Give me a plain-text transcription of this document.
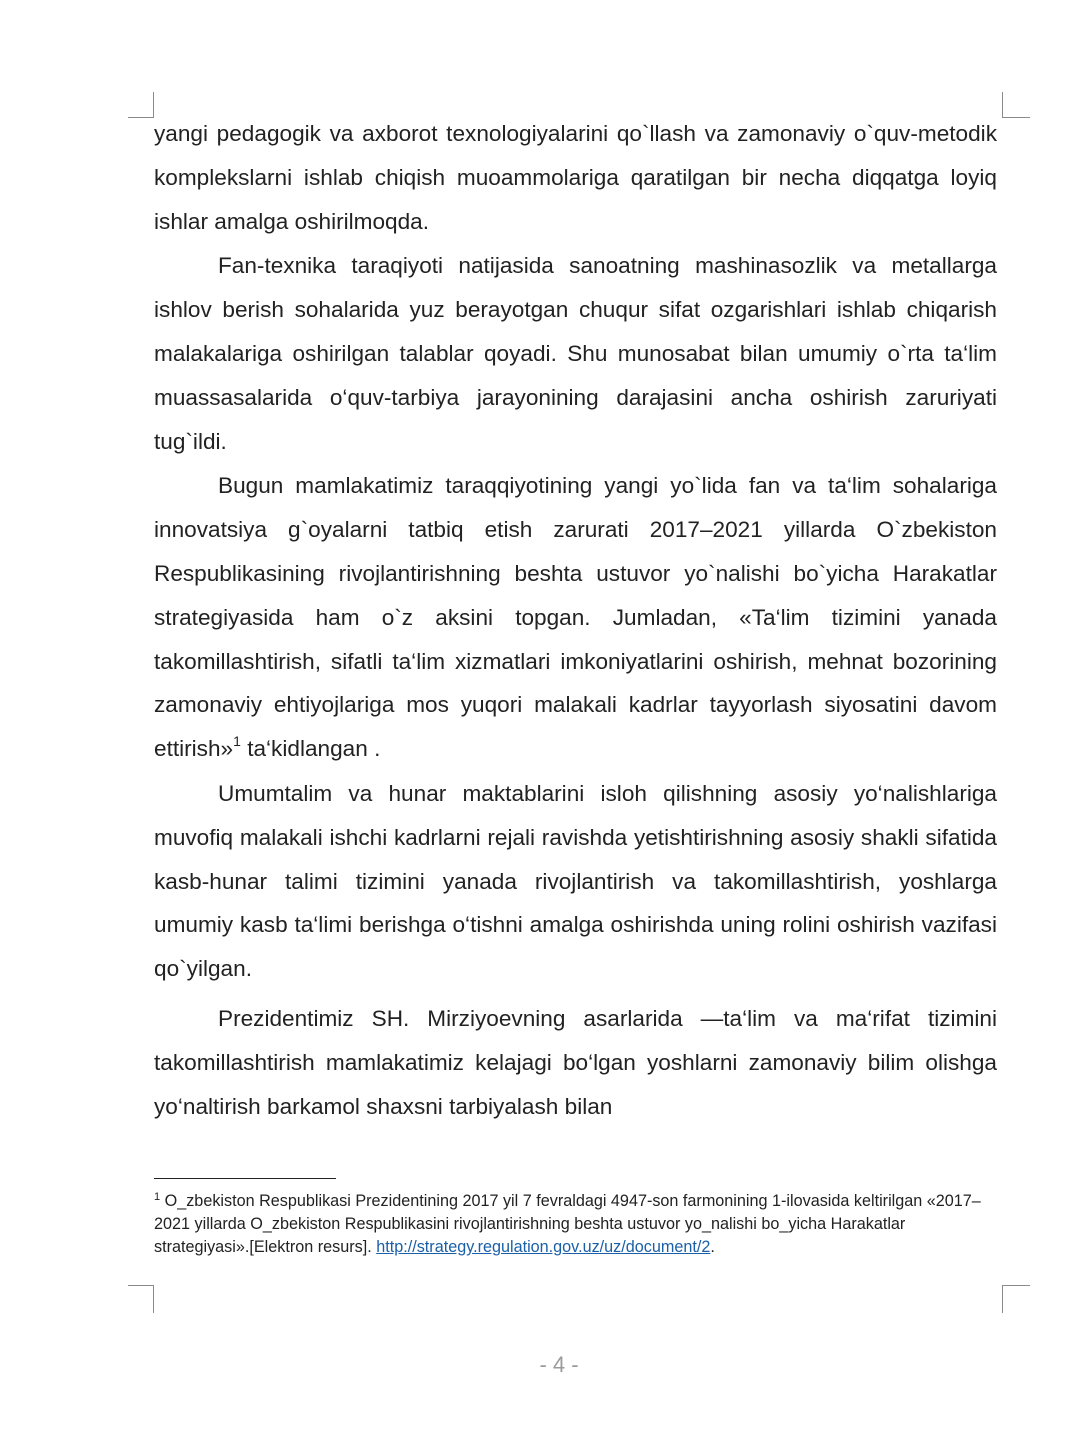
yangi pedagogik va axborot texnologiyalarini qo`llash va zamonaviy o`quv-metodik komplekslarni ishlab chiqish muoammolariga qaratilgan bir necha diqqatga loyiq ishlar amalga oshirilmoqda.

Fan-texnika taraqiyoti natijasida sanoatning mashinasozlik va metallarga ishlov berish sohalarida yuz berayotgan chuqur sifat ozgarishlari ishlab chiqarish malakalariga oshirilgan talablar qoyadi. Shu munosabat bilan umumiy o`rta ta‘lim muassasalarida o‘quv-tarbiya jarayonining darajasini ancha oshirish zaruriyati tug`ildi.

Bugun mamlakatimiz taraqqiyotining yangi yo`lida fan va ta‘lim sohalariga innovatsiya g`oyalarni tatbiq etish zarurati 2017–2021 yillarda O`zbekiston Respublikasining rivojlantirishning beshta ustuvor yo`nalishi bo`yicha Harakatlar strategiyasida ham o`z aksini topgan. Jumladan, «Ta‘lim tizimini yanada takomillashtirish, sifatli ta‘lim xizmatlari imkoniyatlarini oshirish, mehnat bozorining zamonaviy ehtiyojlariga mos yuqori malakali kadrlar tayyorlash siyosatini davom ettirish»$^1$ ta‘kidlangan .

Umumtalim va hunar maktablarini isloh qilishning asosiy yo‘nalishlariga muvofiq malakali ishchi kadrlarni rejali ravishda yetishtirishning asosiy shakli sifatida kasb-hunar talimi tizimini yanada rivojlantirish va takomillashtirish, yoshlarga umumiy kasb ta‘limi berishga o‘tishni amalga oshirishda uning rolini oshirish vazifasi qo`yilgan.

Prezidentimiz SH. Mirziyoevning asarlarida —ta‘lim va ma‘rifat tizimini takomillashtirish mamlakatimiz kelajagi bo‘lgan yoshlarni zamonaviy bilim olishga yo‘naltirish barkamol shaxsni tarbiyalash bilan

$^1$ O_zbekiston Respublikasi Prezidentining 2017 yil 7 fevraldagi 4947-son farmonining 1-ilovasida keltirilgan «2017– 2021 yillarda O_zbekiston Respublikasini rivojlantirishning beshta ustuvor yo_nalishi bo_yicha Harakatlar strategiyasi».[Elektron resurs]. http://strategy.regulation.gov.uz/uz/document/2.
- 4 -
